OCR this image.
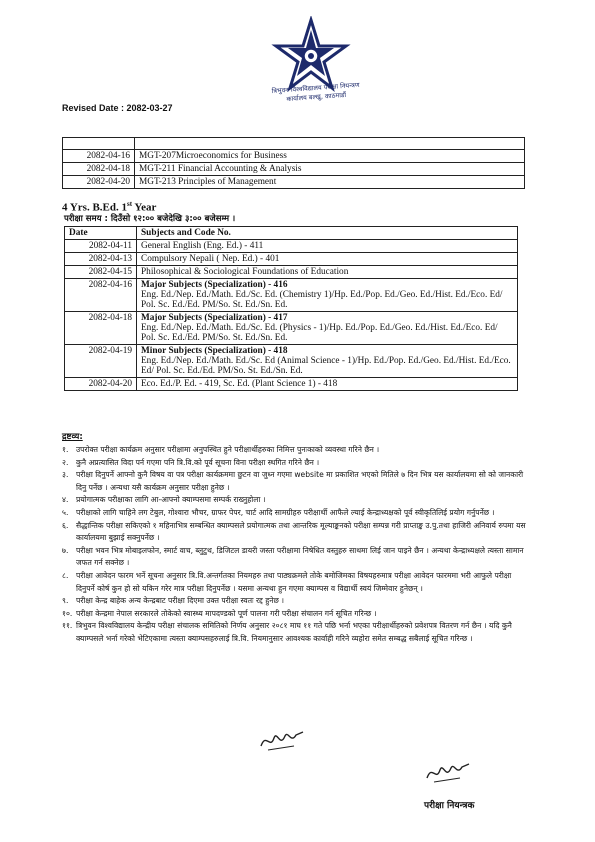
त्रिभुवन विश्वविद्यालय परीक्षा नियन्त्रण कार्यालय बल्खु, काठमाडौं
Revised Date : 2082-03-27

2082-04-16	MGT-207Microeconomics for Business
2082-04-18	MGT-211 Financial Accounting & Analysis
2082-04-20	MGT-213 Principles of Management
4 Yrs. B.Ed. 1st Year
परीक्षा समय : दिउँसो १२:०० बजेदेखि ३:०० बजेसम्म ।
Date	Subjects and Code No.
2082-04-11	General English (Eng. Ed.) - 411
2082-04-13	Compulsory Nepali ( Nep. Ed.) - 401
2082-04-15	Philosophical & Sociological Foundations of Education
2082-04-16	Major Subjects (Specialization) - 416
Eng. Ed./Nep. Ed./Math. Ed./Sc. Ed. (Chemistry 1)/Hp. Ed./Pop. Ed./Geo. Ed./Hist. Ed./Eco. Ed/ Pol. Sc. Ed./Ed. PM/So. St. Ed./Sn. Ed.
2082-04-18	Major Subjects (Specialization) - 417
Eng. Ed./Nep. Ed./Math. Ed./Sc. Ed. (Physics - 1)/Hp. Ed./Pop. Ed./Geo. Ed./Hist. Ed./Eco. Ed/ Pol. Sc. Ed./Ed. PM/So. St. Ed./Sn. Ed.
2082-04-19	Minor Subjects (Specialization) - 418
Eng. Ed./Nep. Ed./Math. Ed./Sc. Ed (Animal Science - 1)/Hp. Ed./Pop. Ed./Geo. Ed./Hist. Ed./Eco. Ed/ Pol. Sc. Ed./Ed. PM/So. St. Ed./Sn. Ed.
2082-04-20	Eco. Ed./P. Ed. - 419, Sc. Ed. (Plant Science 1) - 418
द्रष्टव्य:
१.	उपरोक्त परीक्षा कार्यक्रम अनुसार परीक्षामा अनुपस्थित हुने परीक्षार्थीहरुका निमित्त पुनःकाको व्यवस्था गरिने छैन ।
२.	कुनै अप्रत्यासित विदा पर्न गएमा पनि त्रि.वि.को पूर्व सूचना विना परीक्षा स्थगित गरिने छैन ।
३.	परीक्षा दिनुपर्ने आफ्नो कुनै विषय वा पत्र परीक्षा कार्यक्रममा छुटन वा जुध्न गएमा website मा प्रकाशित भएको मितिले ७ दिन भित्र यस कार्यालयमा सो को जानकारी दिनु पर्नेछ । अन्यथा यसै कार्यक्रम अनुसार परीक्षा हुनेछ ।
४.	प्रयोगात्मक परीक्षाका लागि आ-आफ्नो क्याम्पसमा सम्पर्क राख्नुहोला ।
५.	परीक्षाको लागि चाहिने लग टेबुल, गोश्वारा भौचर, ग्राफर पेपर, चार्ट आदि सामग्रीहरु परीक्षार्थी आफैले ल्याई केन्द्राध्यक्षको पूर्व स्वीकृतिलिई प्रयोग गर्नुपर्नेछ ।
६.	सैद्धान्तिक परीक्षा सकिएको १ महिनाभित्र सम्बन्धित क्याम्पसले प्रयोगात्मक तथा आन्तरिक मूल्याङ्कनको परीक्षा सम्पन्न गरी प्राप्ताङ्क उ.पु.तथा हाजिरी अनिवार्य रुपमा यस कार्यालयमा बुझाई सक्नुपर्नेछ ।
७.	परीक्षा भवन भित्र मोबाइलफोन, स्मार्ट वाच, ब्लुटुथ, डिजिटल डायरी जस्ता परीक्षामा निषेधित वस्तुहरु साथमा लिई जान पाइने छैन । अन्यथा केन्द्राध्यक्षले त्यस्ता सामान जफत गर्न सक्नेछ ।
८.	परीक्षा आवेदन फारम भर्ने सूचना अनुसार त्रि.वि.अन्तर्गतका नियमहरु तथा पाठ्यक्रमले तोके बमोजिमका विषयहरुमात्र परीक्षा आवेदन फारममा भरी आफुले परीक्षा दिनुपर्ने कोर्ष कुन हो सो यकिन गरेर मात्र परीक्षा दिनुपर्नेछ । यसमा अन्यथा हुन गएमा क्याम्पस व विद्यार्थी स्वयं जिम्मेवार हुनेछन् ।
९.	परीक्षा केन्द्र बाहेक अन्य केन्द्रबाट परीक्षा दिएमा उक्त परीक्षा स्वतः रद्द हुनेछ ।
१०. परीक्षा केन्द्रमा नेपाल सरकारले तोकेको स्वास्थ्य मापदण्डको पूर्ण पालना गरी परीक्षा संचालन गर्न सूचित गरिन्छ ।
११. त्रिभुवन विश्वविद्यालय केन्द्रीय परीक्षा संचालक समितिको निर्णय अनुसार २०८१ माघ ११ गते पछि भर्ना भएका परीक्षार्थीहरुको प्रवेशपत्र वितरण गर्न छैन । यदि कुनै क्याम्पसले भर्ना गरेको भेटिएकामा त्यस्ता क्याम्पसहरुलाई त्रि.वि. नियमानुसार आवश्यक कार्वाही गरिने व्यहोरा समेत सम्बद्ध सबैलाई सूचित गरिन्छ ।
परीक्षा नियन्त्रक
